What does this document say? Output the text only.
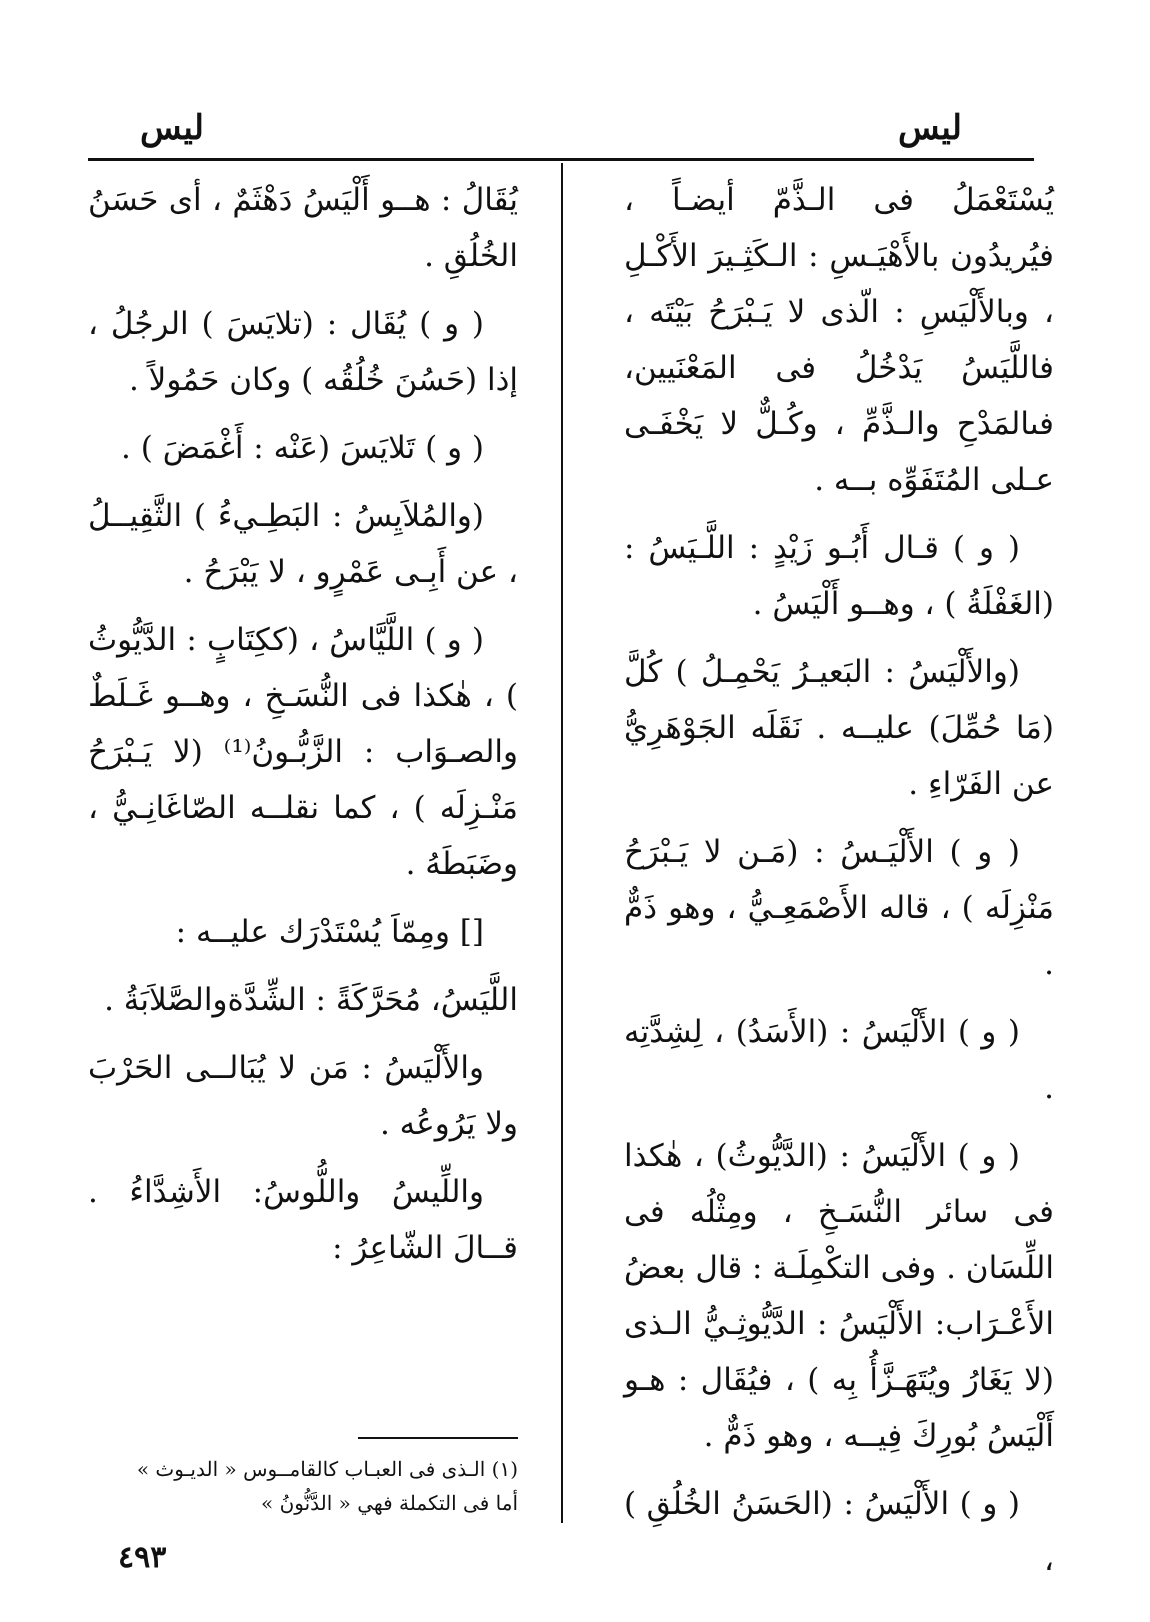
ليس
ليس

يُسْتَعْمَلُ فى الـذَّمّ أيضـاً ، فيُريدُون بالأَهْيَـسِ : الـكَثِـيرَ الأَكْـلِ ، وبالأَلْيَسِ : الّذى لا يَـبْرَحُ بَيْتَه ، فاللَّيَسُ يَدْخُلُ فى المَعْنَيين، فىالمَدْحِ والـذَّمِّ ، وكُـلٌّ لا يَخْفَـى عـلى المُتَفَوِّه بــه .

( و ) قـال أَبُـو زَيْدٍ : اللَّـيَسُ : (الغَفْلَةُ ) ، وهــو أَلْيَسُ .

(والأَلْيَسُ : البَعيـرُ يَحْمِـلُ ) كُلَّ (مَا حُمِّلَ) عليــه . نَقَلَه الجَوْهَرِيُّ عن الفَرّاءِ .

( و ) الأَلْيَـسُ : (مَـن لا يَـبْرَحُ مَنْزِلَه ) ، قاله الأَصْمَعِـيُّ ، وهو ذَمٌّ .

( و ) الأَلْيَسُ : (الأَسَدُ) ، لِشِدَّتِه .

( و ) الأَلْيَسُ : (الدَّيُّوثُ) ، هٰكذا فى سائر النُّسَـخِ ، ومِثْلُه فى اللِّسَان . وفى التكْمِلَـة : قال بعضُ الأَعْـرَاب: الأَلْيَسُ : الدَّيُّوثِـيُّ الـذى (لا يَغَارُ ويُتَهَـزَّأُ بِه ) ، فيُقَال : هـو أَلْيَسُ بُورِكَ فِيــه ، وهو ذَمٌّ .

( و ) الأَلْيَسُ : (الحَسَنُ الخُلُقِ ) ،

يُقَالُ : هــو أَلْيَسُ دَهْثَمٌ ، أى حَسَنُ الخُلُقِ .

( و ) يُقَال : (تلايَسَ ) الرجُلُ ، إذا (حَسُنَ خُلُقُه ) وكان حَمُولاً .

( و ) تَلايَسَ (عَنْه : أَغْمَضَ ) .

(والمُلاَيِسُ : البَطِـيءُ ) الثَّقِيــلُ ، عن أَبِـى عَمْرٍو ، لا يَبْرَحُ .

( و ) اللَّيَّاسُ ، (ككِتَابٍ : الدَّيُّوثُ ) ، هٰكذا فى النُّسَـخِ ، وهــو غَـلَطٌ والصـوَاب : الزَّبُّـونُ⁽¹⁾ (لا يَـبْرَحُ مَنْـزِلَه ) ، كما نقلــه الصّاغَانِـيُّ ، وضَبَطَهُ .

[] ومِمّاَ يُسْتَدْرَك عليــه :

اللَّيَسُ، مُحَرَّكَةً : الشِّدَّةوالصَّلاَبَةُ .

والأَلْيَسُ : مَن لا يُبَالــى الحَرْبَ ولا يَرُوعُه .

واللِّيسُ واللُّوسُ: الأَشِدَّاءُ . قــالَ الشّاعِرُ :

(١) الـذى فى العبـاب كالقامــوس « الديـوث »

أما فى التكملة فهي « الدَّنُّونُ »

٤٩٣
